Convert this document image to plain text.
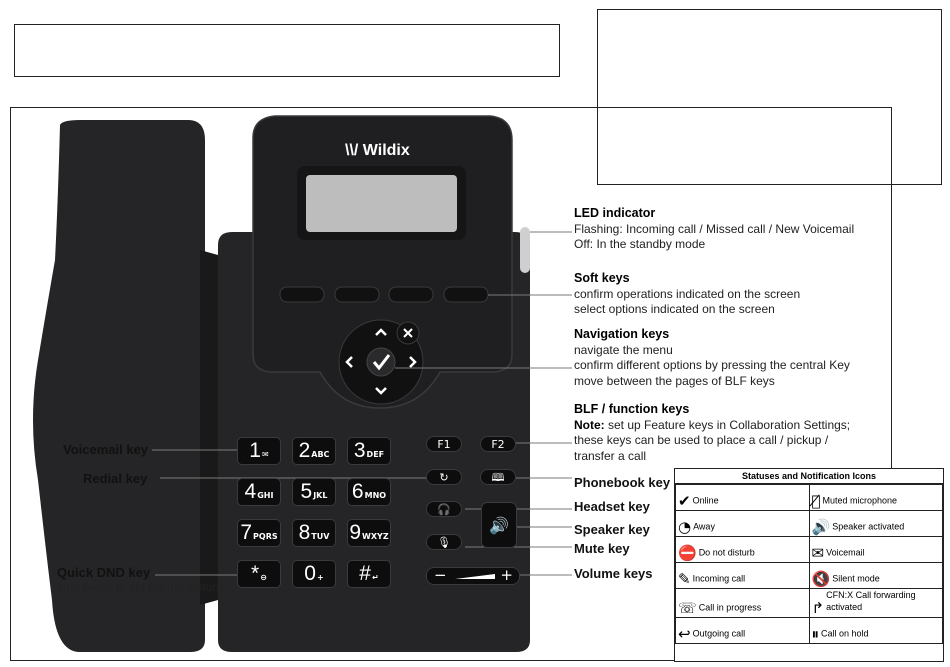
\\/ Wildix
1 ✉ 2 ABC 3 DEF
4 GHI 5 JKL 6 MNO
7 PQRS 8 TUV 9 WXYZ
* ⊖ 0 + # ↵
F1	F2
↻	🕮
🎧
🎙
🔊
−	+
LED indicator
Flashing: Incoming call / Missed call / New Voicemail
Off: In the standby mode
Soft keys
confirm operations indicated on the screen
select options indicated on the screen
Navigation keys
navigate the menu
confirm different options by pressing the central Key
move between the pages of BLF keys
BLF / function keys
Note: set up Feature keys in Collaboration Settings;
these keys can be used to place a call / pickup /
transfer a call
Phonebook key
Headset key
Speaker key
Mute key
Volume keys
Voicemail key
Redial key
Quick DND key
long press to set Do not disturb
Statuses and Notification Icons
✔ Online	🎙̸ Muted microphone
◔ Away	🔊 Speaker activated
⛔ Do not disturb	✉ Voicemail
✎ Incoming call	🔇 Silent mode
☏ Call in progress	↱CFN:X Call forwarding activated
↩ Outgoing call	⏸ Call on hold
